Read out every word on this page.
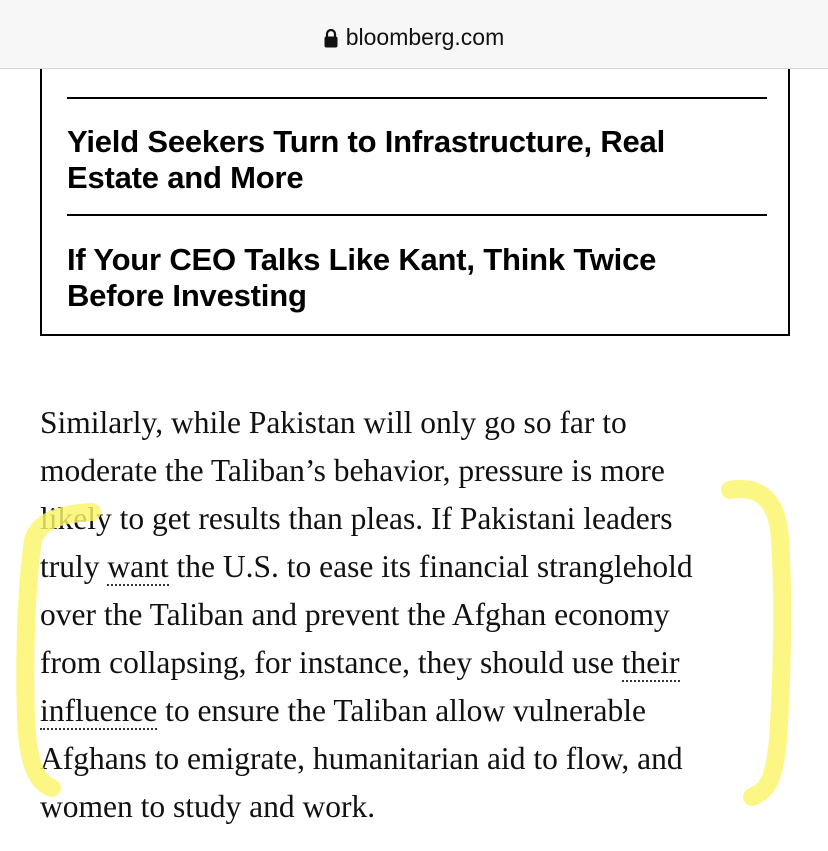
bloomberg.com
Yield Seekers Turn to Infrastructure, Real
Estate and More
If Your CEO Talks Like Kant, Think Twice
Before Investing
Similarly, while Pakistan will only go so far to
moderate the Taliban’s behavior, pressure is more
likely to get results than pleas. If Pakistani leaders
truly want the U.S. to ease its financial stranglehold
over the Taliban and prevent the Afghan economy
from collapsing, for instance, they should use their
influence to ensure the Taliban allow vulnerable
Afghans to emigrate, humanitarian aid to flow, and
women to study and work.
